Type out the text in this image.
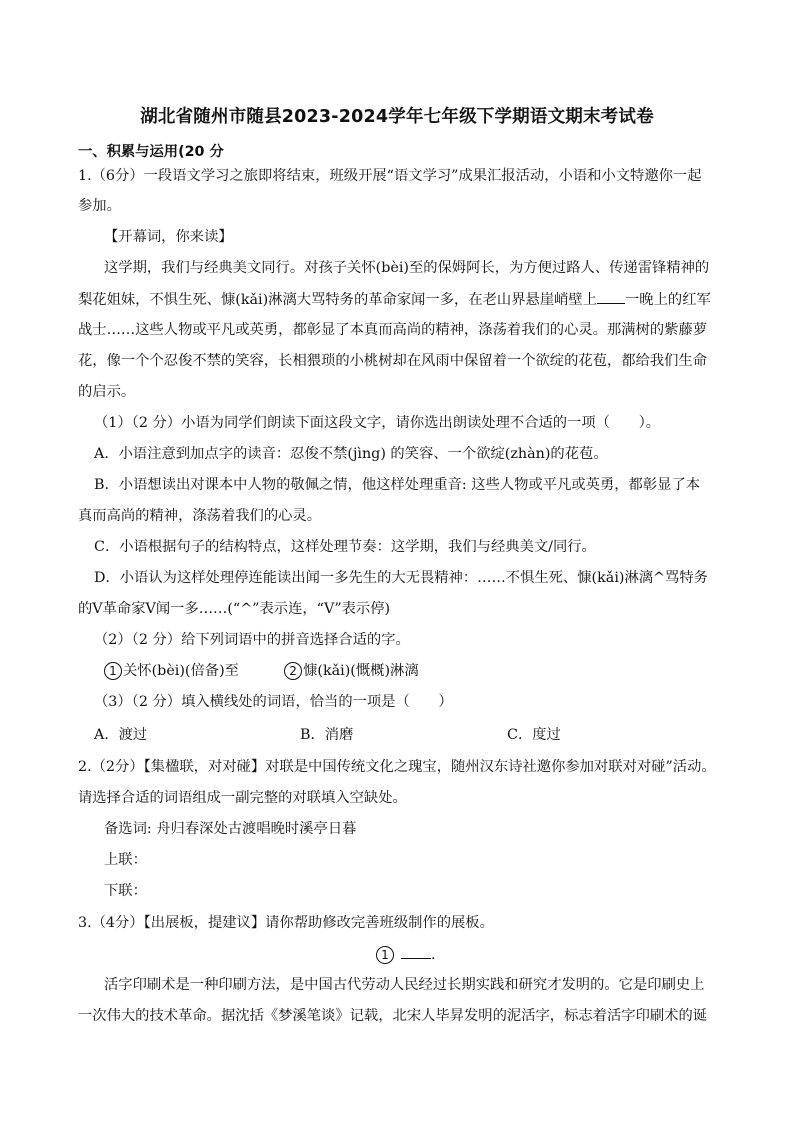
湖北省随州市随县2023-2024学年七年级下学期语文期末考试卷
一、积累与运用(20 分
1.（6分）一段语文学习之旅即将结束，班级开展“语文学习”成果汇报活动，小语和小文特邀你一起
参加。
【开幕词，你来读】
这学期，我们与经典美文同行。对孩子关怀(bèi)至的保姆阿长，为方便过路人、传递雷锋精神的
梨花姐妹，不惧生死、慷(kǎi)淋漓大骂特务的革命家闻一多，在老山界悬崖峭壁上 一晚上的红军
战士……这些人物或平凡或英勇，都彰显了本真而高尚的精神，涤荡着我们的心灵。那满树的紫藤萝
花，像一个个忍俊不禁的笑容，长相猥琐的小桃树却在风雨中保留着一个欲绽的花苞，都给我们生命
的启示。
（1）（2 分）小语为同学们朗读下面这段文字，请你选出朗读处理不合适的一项（　　）。
A．小语注意到加点字的读音：忍俊不禁(jìng) 的笑容、一个欲绽(zhàn)的花苞。
B．小语想读出对课本中人物的敬佩之情，他这样处理重音: 这些人物或平凡或英勇，都彰显了本
真而高尚的精神，涤荡着我们的心灵。
C．小语根据句子的结构特点，这样处理节奏：这学期，我们与经典美文/同行。
D．小语认为这样处理停连能读出闻一多先生的大无畏精神：……不惧生死、慷(kǎi)淋漓^骂特务
的Ⅴ革命家Ⅴ闻一多……(“^”表示连，“Ⅴ”表示停)
（2）（2 分）给下列词语中的拼音选择合适的字。
1 关怀(bèi)(倍备)至	2 慷(kǎi)(慨概)淋漓
（3）（2 分）填入横线处的词语，恰当的一项是（　　）
A．渡过	B．消磨	C．度过
2.（2分）【集楹联，对对碰】对联是中国传统文化之瑰宝，随州汉东诗社邀你参加对联对对碰”活动。
请选择合适的词语组成一副完整的对联填入空缺处。
备选词: 舟归春深处古渡唱晚时溪亭日暮
上联：
下联：
3.（4分）【出展板，提建议】请你帮助修改完善班级制作的展板。
1	.
活字印刷术是一种印刷方法，是中国古代劳动人民经过长期实践和研究才发明的。它是印刷史上
一次伟大的技术革命。据沈括《梦溪笔谈》记载，北宋人毕昇发明的泥活字，标志着活字印刷术的诞
